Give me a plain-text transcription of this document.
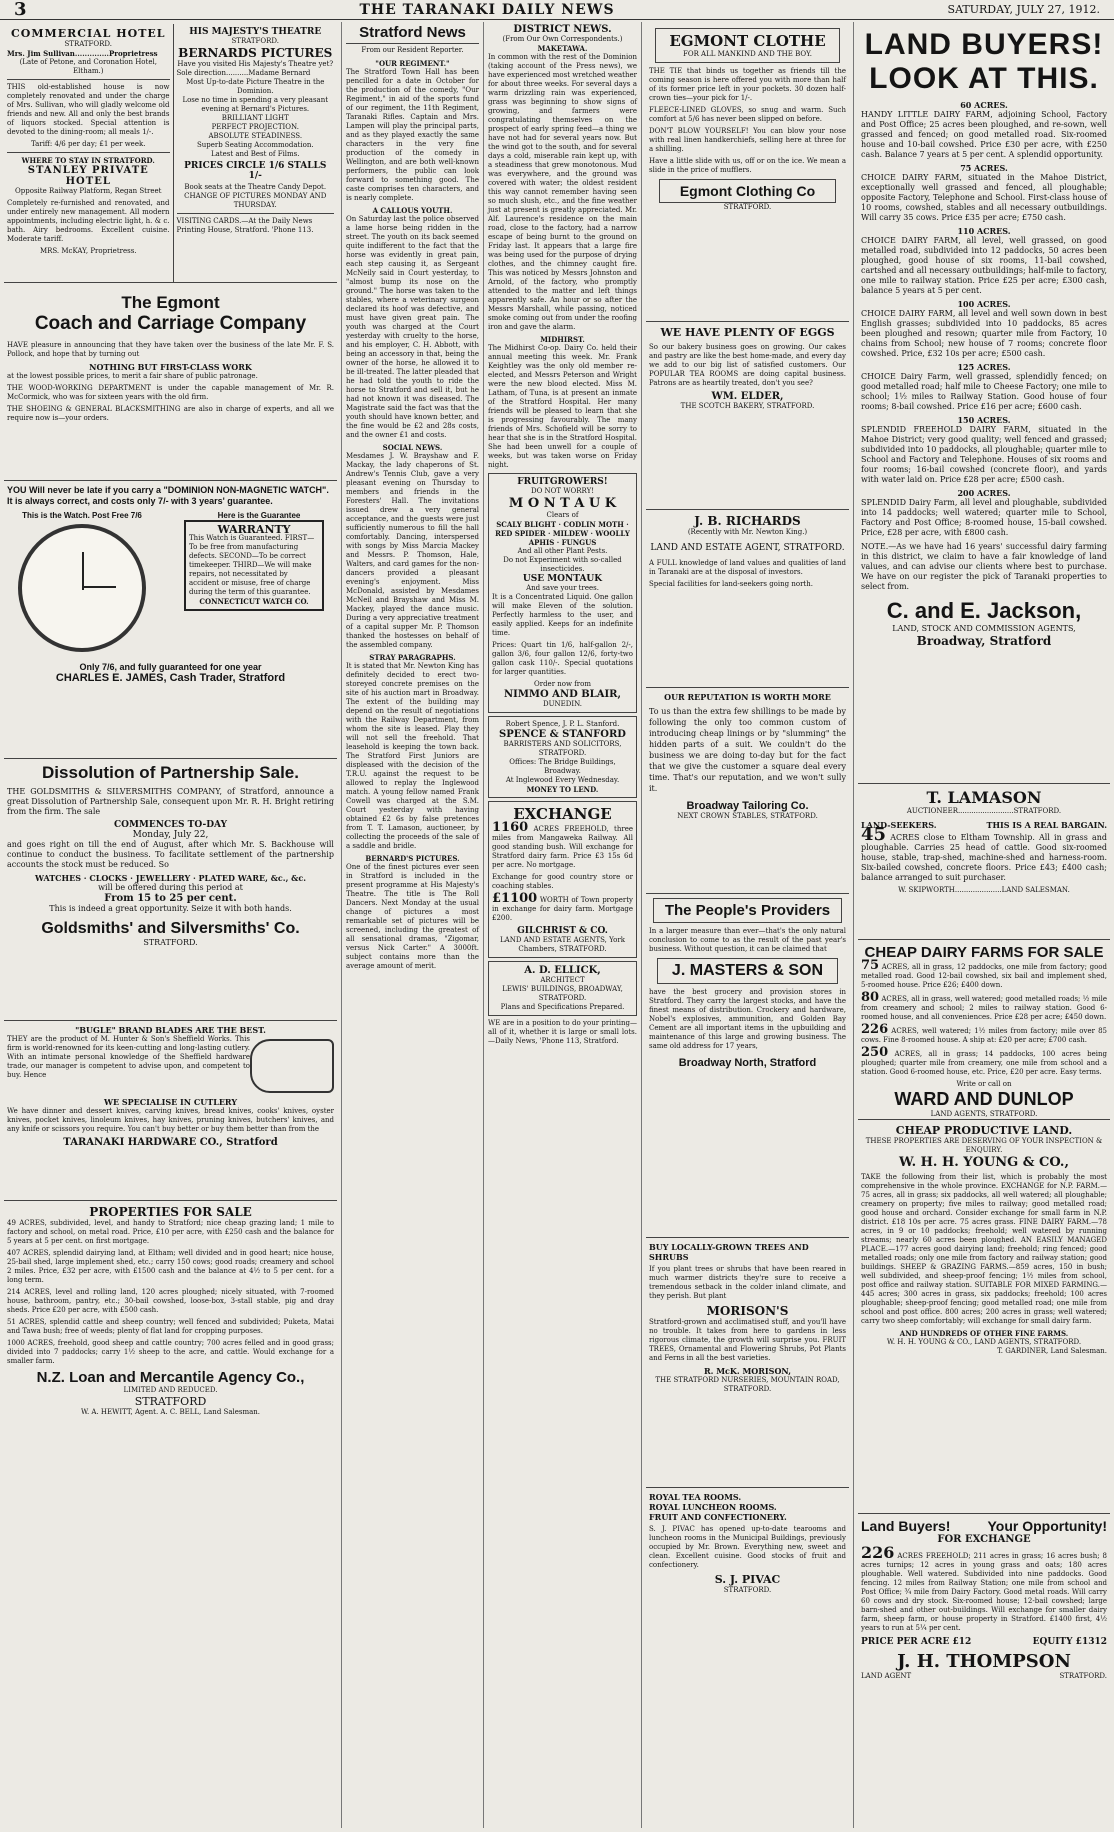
3	THE TARANAKI DAILY NEWS	SATURDAY, JULY 27, 1912.
COMMERCIAL HOTEL
STRATFORD.
Mrs. Jim Sullivan..............Proprietress
(Late of Petone, and Coronation Hotel, Eltham.)
THIS old-established house is now completely renovated and under the charge of Mrs. Sullivan, who will gladly welcome old friends and new. All and only the best brands of liquors stocked. Special attention is devoted to the dining-room; all meals 1/-.
Tariff: 4/6 per day; £1 per week.
WHERE TO STAY IN STRATFORD.
STANLEY PRIVATE HOTEL
Opposite Railway Platform, Regan Street
Completely re-furnished and renovated, and under entirely new management. All modern appointments, including electric light, h. & c. bath. Airy bedrooms. Excellent cuisine. Moderate tariff.
MRS. McKAY, Proprietress.
HIS MAJESTY'S THEATRE
STRATFORD.
BERNARDS PICTURES
Have you visited His Majesty's Theatre yet?
Sole direction..........Madame Bernard
Most Up-to-date Picture Theatre in the Dominion.
Lose no time in spending a very pleasant evening at Bernard's Pictures.
BRILLIANT LIGHT
PERFECT PROJECTION.
ABSOLUTE STEADINESS.
Superb Seating Accommodation.
Latest and Best of Films.
PRICES CIRCLE 1/6 STALLS 1/-
Book seats at the Theatre Candy Depot.
CHANGE OF PICTURES MONDAY AND THURSDAY.
VISITING CARDS.—At the Daily News Printing House, Stratford. 'Phone 113.
The Egmont
Coach and Carriage Company
HAVE pleasure in announcing that they have taken over the business of the late Mr. F. S. Pollock, and hope that by turning out
NOTHING BUT FIRST-CLASS WORK
at the lowest possible prices, to merit a fair share of public patronage.
THE WOOD-WORKING DEPARTMENT is under the capable management of Mr. R. McCormick, who was for sixteen years with the old firm.
THE SHOEING & GENERAL BLACKSMITHING are also in charge of experts, and all we require now is—your orders.
YOU Will never be late if you carry a "DOMINION NON-MAGNETIC WATCH". It is always correct, and costs only 7/- with 3 years' guarantee.
This is the Watch. Post Free 7/6	Here is the Guarantee
WARRANTY
This Watch is Guaranteed. FIRST—To be free from manufacturing defects. SECOND—To be correct timekeeper. THIRD—We will make repairs, not necessitated by accident or misuse, free of charge during the term of this guarantee.
CONNECTICUT WATCH CO.
Only 7/6, and fully guaranteed for one year
CHARLES E. JAMES, Cash Trader, Stratford
Dissolution of Partnership Sale.
THE GOLDSMITHS & SILVERSMITHS COMPANY, of Stratford, announce a great Dissolution of Partnership Sale, consequent upon Mr. R. H. Bright retiring from the firm. The sale
COMMENCES TO-DAY
Monday, July 22,
and goes right on till the end of August, after which Mr. S. Backhouse will continue to conduct the business. To facilitate settlement of the partnership accounts the stock must be reduced. So
WATCHES · CLOCKS · JEWELLERY · PLATED WARE, &c., &c.
will be offered during this period at
From 15 to 25 per cent.
This is indeed a great opportunity. Seize it with both hands.
Goldsmiths' and Silversmiths' Co.
STRATFORD.
"BUGLE" BRAND BLADES ARE THE BEST.
THEY are the product of M. Hunter & Son's Sheffield Works. This firm is world-renowned for its keen-cutting and long-lasting cutlery. With an intimate personal knowledge of the Sheffield hardware trade, our manager is competent to advise upon, and competent to buy. Hence
WE SPECIALISE IN CUTLERY
We have dinner and dessert knives, carving knives, bread knives, cooks' knives, oyster knives, pocket knives, linoleum knives, hay knives, pruning knives, butchers' knives, and any knife or scissors you require. You can't buy better or buy them better than from the
TARANAKI HARDWARE CO., Stratford
PROPERTIES FOR SALE
49 ACRES, subdivided, level, and handy to Stratford; nice cheap grazing land; 1 mile to factory and school, on metal road. Price, £10 per acre, with £250 cash and the balance for 5 years at 5 per cent. on first mortgage.
407 ACRES, splendid dairying land, at Eltham; well divided and in good heart; nice house, 25-bail shed, large implement shed, etc.; carry 150 cows; good roads; creamery and school 2 miles. Price, £32 per acre, with £1500 cash and the balance at 4½ to 5 per cent. for a long term.
214 ACRES, level and rolling land, 120 acres ploughed; nicely situated, with 7-roomed house, bathroom, pantry, etc.; 30-bail cowshed, loose-box, 3-stall stable, pig and dray sheds. Price £20 per acre, with £500 cash.
51 ACRES, splendid cattle and sheep country; well fenced and subdivided; Puketa, Matai and Tawa bush; free of weeds; plenty of flat land for cropping purposes.
1000 ACRES, freehold, good sheep and cattle country; 700 acres felled and in good grass; divided into 7 paddocks; carry 1½ sheep to the acre, and cattle. Would exchange for a smaller farm.
N.Z. Loan and Mercantile Agency Co.,
LIMITED AND REDUCED.
STRATFORD
W. A. HEWITT, Agent. A. C. BELL, Land Salesman.
Stratford News
From our Resident Reporter.
"OUR REGIMENT."
The Stratford Town Hall has been pencilled for a date in October for the production of the comedy, "Our Regiment," in aid of the sports fund of our regiment, the 11th Regiment, Taranaki Rifles. Captain and Mrs. Lampen will play the principal parts, and as they played exactly the same characters in the very fine production of the comedy in Wellington, and are both well-known performers, the public can look forward to something good. The caste comprises ten characters, and is nearly complete.
A CALLOUS YOUTH.
On Saturday last the police observed a lame horse being ridden in the street. The youth on its back seemed quite indifferent to the fact that the horse was evidently in great pain, each step causing it, as Sergeant McNeily said in Court yesterday, to "almost bump its nose on the ground." The horse was taken to the stables, where a veterinary surgeon declared its hoof was defective, and must have given great pain. The youth was charged at the Court yesterday with cruelty to the horse, and his employer, C. H. Abbott, with being an accessory in that, being the owner of the horse, he allowed it to be ill-treated. The latter pleaded that he had told the youth to ride the horse to Stratford and sell it, but he had not known it was diseased. The Magistrate said the fact was that the youth should have known better, and the fine would be £2 and 28s costs, and the owner £1 and costs.
SOCIAL NEWS.
Mesdames J. W. Brayshaw and F. Mackay, the lady chaperons of St. Andrew's Tennis Club, gave a very pleasant evening on Thursday to members and friends in the Foresters' Hall. The invitations issued drew a very general acceptance, and the guests were just sufficiently numerous to fill the hall comfortably. Dancing, interspersed with songs by Miss Marcia Mackey and Messrs. P. Thomson, Hale, Walters, and card games for the non-dancers provided a pleasant evening's enjoyment. Miss McDonald, assisted by Mesdames McNeil and Brayshaw and Miss M. Mackey, played the dance music. During a very appreciative treatment of a capital supper Mr. P. Thomson thanked the hostesses on behalf of the assembled company.
STRAY PARAGRAPHS.
It is stated that Mr. Newton King has definitely decided to erect two-storeyed concrete premises on the site of his auction mart in Broadway. The extent of the building may depend on the result of negotiations with the Railway Department, from whom the site is leased. Play they will not sell the freehold. That leasehold is keeping the town back. The Stratford First Juniors are displeased with the decision of the T.R.U. against the request to be allowed to replay the Inglewood match. A young fellow named Frank Cowell was charged at the S.M. Court yesterday with having obtained £2 6s by false pretences from T. T. Lamason, auctioneer, by collecting the proceeds of the sale of a saddle and bridle.
BERNARD'S PICTURES.
One of the finest pictures ever seen in Stratford is included in the present programme at His Majesty's Theatre. The title is The Roll Dancers. Next Monday at the usual change of pictures a most remarkable set of pictures will be screened, including the greatest of all sensational dramas, "Zigomar, versus Nick Carter." A 3000ft. subject contains more than the average amount of merit.
DISTRICT NEWS.
(From Our Own Correspondents.)
MAKETAWA.
In common with the rest of the Dominion (taking account of the Press news), we have experienced most wretched weather for about three weeks. For several days a warm drizzling rain was experienced, grass was beginning to show signs of growing, and farmers were congratulating themselves on the prospect of early spring feed—a thing we have not had for several years now. But the wind got to the south, and for several days a cold, miserable rain kept up, with a steadiness that grew monotonous. Mud was everywhere, and the ground was covered with water; the oldest resident this way cannot remember having seen so much slush, etc., and the fine weather just at present is greatly appreciated. Mr. Alf. Laurence's residence on the main road, close to the factory, had a narrow escape of being burnt to the ground on Friday last. It appears that a large fire was being used for the purpose of drying clothes, and the chimney caught fire. This was noticed by Messrs Johnston and Arnold, of the factory, who promptly attended to the matter and left things apparently safe. An hour or so after the Messrs Marshall, while passing, noticed smoke coming out from under the roofing iron and gave the alarm.
MIDHIRST.
The Midhirst Co-op. Dairy Co. held their annual meeting this week. Mr. Frank Keightley was the only old member re-elected, and Messrs Peterson and Wright were the new blood elected. Miss M. Latham, of Tuna, is at present an inmate of the Stratford Hospital. Her many friends will be pleased to learn that she is progressing favourably. The many friends of Mrs. Schofield will be sorry to hear that she is in the Stratford Hospital. She had been unwell for a couple of weeks, but was taken worse on Friday night.
FRUITGROWERS!
DO NOT WORRY!
M O N T A U K
Clears of
SCALY BLIGHT · CODLIN MOTH · RED SPIDER · MILDEW · WOOLLY APHIS · FUNGUS
And all other Plant Pests.
Do not Experiment with so-called insecticides.
USE MONTAUK
And save your trees.
It is a Concentrated Liquid. One gallon will make Eleven of the solution. Perfectly harmless to the user, and easily applied. Keeps for an indefinite time.
Prices: Quart tin 1/6, half-gallon 2/-, gallon 3/6, four gallon 12/6, forty-two gallon cask 110/-. Special quotations for larger quantities.
Order now from
NIMMO AND BLAIR,
DUNEDIN.
Robert Spence, J. P. L. Stanford.
SPENCE & STANFORD
BARRISTERS AND SOLICITORS, STRATFORD.
Offices: The Bridge Buildings, Broadway.
At Inglewood Every Wednesday.
MONEY TO LEND.
EXCHANGE
1160 ACRES FREEHOLD, three miles from Mangaweka Railway. All good standing bush. Will exchange for Stratford dairy farm. Price £3 15s 6d per acre. No mortgage.
Exchange for good country store or coaching stables.
£1100 WORTH of Town property in exchange for dairy farm. Mortgage £200.
GILCHRIST & CO.
LAND AND ESTATE AGENTS, York Chambers, STRATFORD.
A. D. ELLICK,
ARCHITECT
LEWIS' BUILDINGS, BROADWAY, STRATFORD.
Plans and Specifications Prepared.
WE are in a position to do your printing—all of it, whether it is large or small lots.—Daily News, 'Phone 113, Stratford.
EGMONT CLOTHE
FOR ALL MANKIND AND THE BOY.
THE TIE that binds us together as friends till the coming season is here offered you with more than half of its former price left in your pockets. 30 dozen half-crown ties—your pick for 1/-.
FLEECE-LINED GLOVES, so snug and warm. Such comfort at 5/6 has never been slipped on before.
DON'T BLOW YOURSELF! You can blow your nose with real linen handkerchiefs, selling here at three for a shilling.
Have a little slide with us, off or on the ice. We mean a slide in the price of mufflers.
Egmont Clothing Co
STRATFORD.
WE HAVE PLENTY OF EGGS
So our bakery business goes on growing. Our cakes and pastry are like the best home-made, and every day we add to our big list of satisfied customers. Our POPULAR TEA ROOMS are doing capital business. Patrons are as heartily treated, don't you see?
WM. ELDER,
THE SCOTCH BAKERY, STRATFORD.
J. B. RICHARDS
(Recently with Mr. Newton King.)
LAND AND ESTATE AGENT, STRATFORD.
A FULL knowledge of land values and qualities of land in Taranaki are at the disposal of investors.
Special facilities for land-seekers going north.
OUR REPUTATION IS WORTH MORE
To us than the extra few shillings to be made by following the only too common custom of introducing cheap linings or by "slumming" the hidden parts of a suit. We couldn't do the business we are doing to-day but for the fact that we give the customer a square deal every time. That's our reputation, and we won't sully it.
Broadway Tailoring Co.
NEXT CROWN STABLES, STRATFORD.
The People's Providers
In a larger measure than ever—that's the only natural conclusion to come to as the result of the past year's business. Without question, it can be claimed that
J. MASTERS & SON
have the best grocery and provision stores in Stratford. They carry the largest stocks, and have the finest means of distribution. Crockery and hardware, Nobel's explosives, ammunition, and Golden Bay Cement are all important items in the upbuilding and maintenance of this large and growing business. The same old address for 17 years,
Broadway North, Stratford
BUY LOCALLY-GROWN TREES AND SHRUBS
If you plant trees or shrubs that have been reared in much warmer districts they're sure to receive a tremendous setback in the colder inland climate, and they perish. But plant
MORISON'S
Stratford-grown and acclimatised stuff, and you'll have no trouble. It takes from here to gardens in less rigorous climate, the growth will surprise you. FRUIT TREES, Ornamental and Flowering Shrubs, Pot Plants and Ferns in all the best varieties.
R. McK. MORISON,
THE STRATFORD NURSERIES, MOUNTAIN ROAD, STRATFORD.
ROYAL TEA ROOMS.
ROYAL LUNCHEON ROOMS.
FRUIT AND CONFECTIONERY.
S. J. PIVAC has opened up-to-date tearooms and luncheon rooms in the Municipal Buildings, previously occupied by Mr. Brown. Everything new, sweet and clean. Excellent cuisine. Good stocks of fruit and confectionery.
S. J. PIVAC
STRATFORD.
LAND BUYERS!
LOOK AT THIS.
60 ACRES.
HANDY LITTLE DAIRY FARM, adjoining School, Factory and Post Office; 25 acres been ploughed, and re-sown, well grassed and fenced; on good metalled road. Six-roomed house and 10-bail cowshed. Price £30 per acre, with £250 cash. Balance 7 years at 5 per cent. A splendid opportunity.
75 ACRES.
CHOICE DAIRY FARM, situated in the Mahoe District, exceptionally well grassed and fenced, all ploughable; opposite Factory, Telephone and School. First-class house of 10 rooms, cowshed, stables and all necessary outbuildings. Will carry 35 cows. Price £35 per acre; £750 cash.
110 ACRES.
CHOICE DAIRY FARM, all level, well grassed, on good metalled road, subdivided into 12 paddocks, 50 acres been ploughed, good house of six rooms, 11-bail cowshed, cartshed and all necessary outbuildings; half-mile to factory, one mile to railway station. Price £25 per acre; £300 cash, balance 5 years at 5 per cent.
100 ACRES.
CHOICE DAIRY FARM, all level and well sown down in best English grasses; subdivided into 10 paddocks, 85 acres been ploughed and resown; quarter mile from Factory, 10 chains from School; new house of 7 rooms; concrete floor cowshed. Price, £32 10s per acre; £500 cash.
125 ACRES.
CHOICE Dairy Farm, well grassed, splendidly fenced; on good metalled road; half mile to Cheese Factory; one mile to school; 1½ miles to Railway Station. Good house of four rooms; 8-bail cowshed. Price £16 per acre; £600 cash.
150 ACRES.
SPLENDID FREEHOLD DAIRY FARM, situated in the Mahoe District; very good quality; well fenced and grassed; subdivided into 10 paddocks, all ploughable; quarter mile to School and Factory and Telephone. Houses of six rooms and four rooms; 16-bail cowshed (concrete floor), and yards with water laid on. Price £28 per acre; £500 cash.
200 ACRES.
SPLENDID Dairy Farm, all level and ploughable, subdivided into 14 paddocks; well watered; quarter mile to School, Factory and Post Office; 8-roomed house, 15-bail cowshed. Price, £28 per acre, with £800 cash.
NOTE.—As we have had 16 years' successful dairy farming in this district, we claim to have a fair knowledge of land values, and can advise our clients where best to purchase. We have on our register the pick of Taranaki properties to select from.
C. and E. Jackson,
LAND, STOCK AND COMMISSION AGENTS,
Broadway, Stratford
T. LAMASON
AUCTIONEER.........................STRATFORD.
LAND-SEEKERS.	THIS IS A REAL BARGAIN.
45 ACRES close to Eltham Township. All in grass and ploughable. Carries 25 head of cattle. Good six-roomed house, stable, trap-shed, machine-shed and harness-room. Six-bailed cowshed, concrete floors. Price £43; £400 cash; balance arranged to suit purchaser.
W. SKIPWORTH.....................LAND SALESMAN.
CHEAP DAIRY FARMS FOR SALE
75 ACRES, all in grass, 12 paddocks, one mile from factory; good metalled road. Good 12-bail cowshed, six bail and implement shed, 5-roomed house. Price £26; £400 down.
80 ACRES, all in grass, well watered; good metalled roads; ½ mile from creamery and school; 2 miles to railway station. Good 6-roomed house, and all conveniences. Price £28 per acre; £450 down.
226 ACRES, well watered; 1½ miles from factory; mile over 85 cows. Fine 8-roomed house. A ship at: £20 per acre; £700 cash.
250 ACRES, all in grass; 14 paddocks, 100 acres being ploughed; quarter mile from creamery, one mile from school and a station. Good 6-roomed house, etc. Price, £20 per acre. Easy terms.
Write or call on
WARD AND DUNLOP
LAND AGENTS, STRATFORD.
CHEAP PRODUCTIVE LAND.
THESE PROPERTIES ARE DESERVING OF YOUR INSPECTION & ENQUIRY.
W. H. H. YOUNG & CO.,
TAKE the following from their list, which is probably the most comprehensive in the whole province. EXCHANGE for N.P. FARM.—75 acres, all in grass; six paddocks, all well watered; all ploughable; creamery on property; five miles to railway; good metalled road; good house and orchard. Consider exchange for small farm in N.P. district. £18 10s per acre. 75 acres grass. FINE DAIRY FARM.—78 acres, in 9 or 10 paddocks; freehold; well watered by running streams; nearly 60 acres been ploughed. AN EASILY MANAGED PLACE.—177 acres good dairying land; freehold; ring fenced; good metalled roads; only one mile from factory and railway station; good buildings. SHEEP & GRAZING FARMS.—859 acres, 150 in bush; well subdivided, and sheep-proof fencing; 1½ miles from school, post office and railway station. SUITABLE FOR MIXED FARMING.—445 acres; 300 acres in grass, six paddocks; freehold; 100 acres ploughable; sheep-proof fencing; good metalled road; one mile from school and post office. 800 acres; 200 acres in grass; well watered; carry two sheep comfortably; will exchange for small dairy farm.
AND HUNDREDS OF OTHER FINE FARMS.
W. H. H. YOUNG & CO., LAND AGENTS, STRATFORD.
T. GARDINER, Land Salesman.
Land Buyers!	Your Opportunity!
FOR EXCHANGE
226 ACRES FREEHOLD; 211 acres in grass; 16 acres bush; 8 acres turnips; 12 acres in young grass and oats; 180 acres ploughable. Well watered. Subdivided into nine paddocks. Good fencing. 12 miles from Railway Station; one mile from school and Post Office; ¾ mile from Dairy Factory. Good metal roads. Will carry 60 cows and dry stock. Six-roomed house; 12-bail cowshed; large barn-shed and other out-buildings. Will exchange for smaller dairy farm, sheep farm, or house property in Stratford. £1400 first, 4½ years to run at 5¼ per cent.
PRICE PER ACRE £12	EQUITY £1312
J. H. THOMPSON
LAND AGENT	STRATFORD.
